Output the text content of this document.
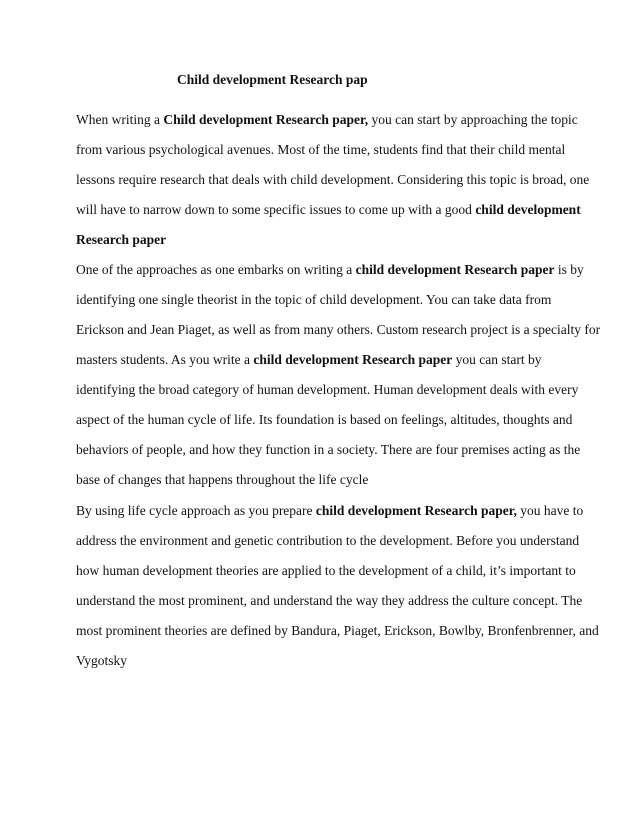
Child development Research pap
When writing a Child development Research paper, you can start by approaching the topic
from various psychological avenues. Most of the time, students find that their child mental
lessons require research that deals with child development. Considering this topic is broad, one
will have to narrow down to some specific issues to come up with a good child development
Research paper
One of the approaches as one embarks on writing a child development Research paper is by
identifying one single theorist in the topic of child development. You can take data from
Erickson and Jean Piaget, as well as from many others. Custom research project is a specialty for
masters students. As you write a child development Research paper you can start by
identifying the broad category of human development. Human development deals with every
aspect of the human cycle of life. Its foundation is based on feelings, altitudes, thoughts and
behaviors of people, and how they function in a society. There are four premises acting as the
base of changes that happens throughout the life cycle
By using life cycle approach as you prepare child development Research paper, you have to
address the environment and genetic contribution to the development. Before you understand
how human development theories are applied to the development of a child, it’s important to
understand the most prominent, and understand the way they address the culture concept. The
most prominent theories are defined by Bandura, Piaget, Erickson, Bowlby, Bronfenbrenner, and
Vygotsky
